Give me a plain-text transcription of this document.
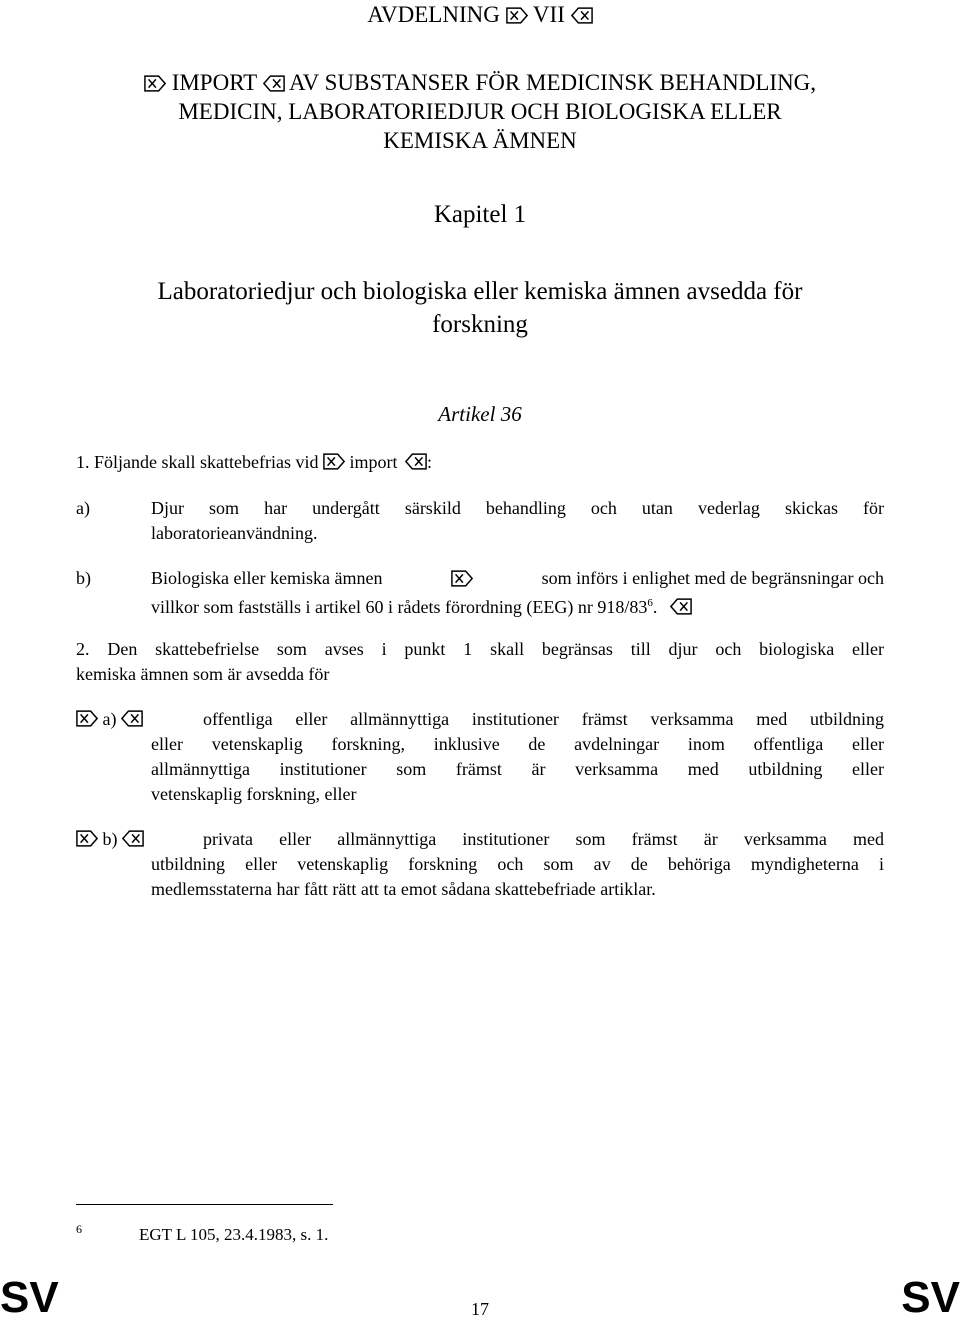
AVDELNING VII
IMPORT AV SUBSTANSER FÖR MEDICINSK BEHANDLING,
MEDICIN, LABORATORIEDJUR OCH BIOLOGISKA ELLER
KEMISKA ÄMNEN
Kapitel 1
Laboratoriedjur och biologiska eller kemiska ämnen avsedda för
forskning
Artikel 36
1. Följande skall skattebefrias vid import :
a)	Djur som har undergått särskild behandling och utan vederlag skickas för
laboratorieanvändning.
b)	Biologiska eller kemiska ämnen	som införs i enlighet med de begränsningar och
villkor som fastställs i artikel 60 i rådets förordning (EEG) nr $918/83^6$.
2. Den skattebefrielse som avses i punkt 1 skall begränsas till djur och biologiska eller
kemiska ämnen som är avsedda för
a)	offentliga eller allmännyttiga institutioner främst verksamma med utbildning
eller vetenskaplig forskning, inklusive de avdelningar inom offentliga eller
allmännyttiga institutioner som främst är verksamma med utbildning eller
vetenskaplig forskning, eller
b)	privata eller allmännyttiga institutioner som främst är verksamma med
utbildning eller vetenskaplig forskning och som av de behöriga myndigheterna i
medlemsstaterna har fått rätt att ta emot sådana skattebefriade artiklar.
6	EGT L 105, 23.4.1983, s. 1.
SV	17	SV
